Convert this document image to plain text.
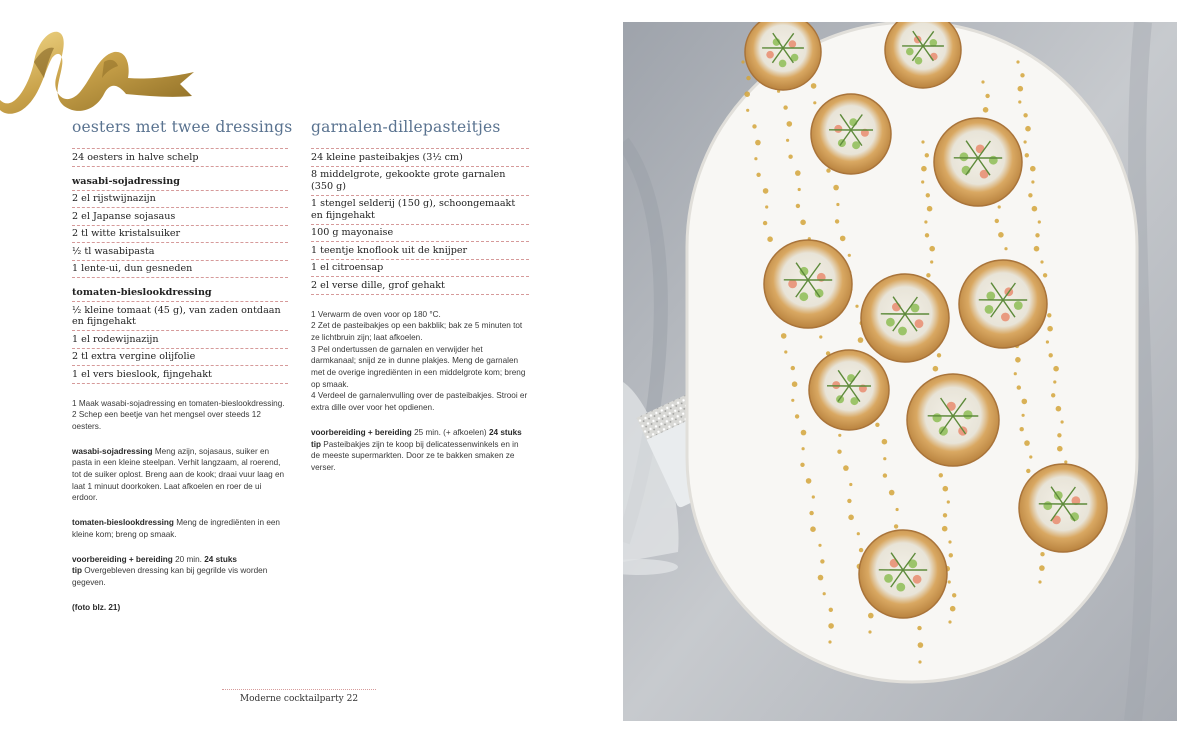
oesters met twee dressings
24 oesters in halve schelp
wasabi-sojadressing
2 el rijstwijnazijn
2 el Japanse sojasaus
2 tl witte kristalsuiker
½ tl wasabipasta
1 lente-ui, dun gesneden
tomaten-bieslookdressing
½ kleine tomaat (45 g), van zaden ontdaan en fijngehakt
1 el rodewijnazijn
2 tl extra vergine olijfolie
1 el vers bieslook, fijngehakt
1 Maak wasabi-sojadressing en tomaten-bieslookdressing.
2 Schep een beetje van het mengsel over steeds 12 oesters.

wasabi-sojadressing Meng azijn, sojasaus, suiker en pasta in een kleine steelpan. Verhit langzaam, al roerend, tot de suiker oplost. Breng aan de kook; draai vuur laag en laat 1 minuut doorkoken. Laat afkoelen en roer de ui erdoor.

tomaten-bieslookdressing Meng de ingrediënten in een kleine kom; breng op smaak.

voorbereiding + bereiding 20 min. 24 stuks
tip Overgebleven dressing kan bij gegrilde vis worden gegeven.

(foto blz. 21)

garnalen-dillepasteitjes
24 kleine pasteibakjes (3½ cm)
8 middelgrote, gekookte grote garnalen (350 g)
1 stengel selderij (150 g), schoongemaakt en fijngehakt
100 g mayonaise
1 teentje knoflook uit de knijper
1 el citroensap
2 el verse dille, grof gehakt
1 Verwarm de oven voor op 180 °C.
2 Zet de pasteibakjes op een bakblik; bak ze 5 minuten tot ze lichtbruin zijn; laat afkoelen.
3 Pel ondertussen de garnalen en verwijder het darmkanaal; snijd ze in dunne plakjes. Meng de garnalen met de overige ingrediënten in een middelgrote kom; breng op smaak.
4 Verdeel de garnalenvulling over de pasteibakjes. Strooi er extra dille over voor het opdienen.

voorbereiding + bereiding 25 min. (+ afkoelen) 24 stuks
tip Pasteibakjes zijn te koop bij delicatessenwinkels en in de meeste supermarkten. Door ze te bakken smaken ze verser.

Moderne cocktailparty 22
